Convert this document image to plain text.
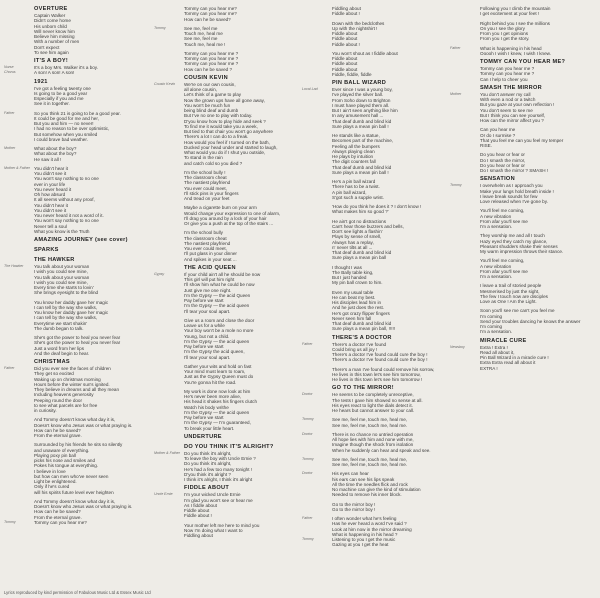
OVERTURE
Captain Walker
Didn't come home
His unborn child
Will never know him
Believe him missing
With a number of men
Don't expect
To see him again
IT'S A BOY!
Nurse	It's a boy Mrs. Walker it's a boy.
Chorus	A son! A son! A son!
1921
I've got a feeling twenty one
Is going to be a good year
Especially if you and me
See it in together.
Father	So you think 21 is going to be a good year.
It could be good for me and her,
But you and him — no never!
I had no reason to be over optimistic,
But somehow when you smiled
I could brave bad weather.
Mother	What about the boy?
What about the boy?
He saw it all !
Mother & Father You didn't hear it
You didn't see it
You won't say nothing to no one
ever in your life
You never heard it
Oh how absurd
It all seems without any proof,
You didn't hear it
You didn't see it
You never heard it not a word of it.
You won't say nothing to no one
Never tell a soul
What you know is the Truth
AMAZING JOURNEY (see cover)
SPARKS
THE HAWKER
The Hawker	You talk about your woman
I wish you could see mine,
You talk about your woman
I wish you could see mine,
Every time she starts to lovin'
She brings eyesight to the blind
You know her daddy gave her magic
I can tell by the way she walks,
You know her daddy gave her magic
I can tell by the way she walks,
Everytime we start shakin'
The dumb began to talk.
She's got the power to heal you never fear
She's got the power to heal you never fear
Just a word from her lips
And the deaf begin to hear.
CHRISTMAS
Father	Did you ever see the faces of children
They get so excited
Waking up on christmas morning
Hours before the winter sun's ignited.
They believe in dreams and all they mean
Including heavens generosity
Peeping round the door
to see what parcels are for free
in curiosity.
And Tommy doesn't know what day it is,
Doesn't know who Jesus was or what praying is.
How can he be saved?
From the eternal grave.
Surrounded by his friends he sits so silently
and unaware of everything.
Playing poxy pin ball
picks his nose and smiles and
Pokes his tongue at everything.
I believe in love
but how can men who've never seen
Light be enlightened.
Only if he's cured
will his spirits future level ever heighten
And Tommy doesn't know what day it is,
Doesn't know who Jesus was or what praying is.
How can he be saved?
From the eternal grave.
Tommy	Tommy can you hear me?
Tommy can you hear me?
Tommy can you hear me?
How can he be saved?
Tommy	See me, feel me
Touch me, heal me
See me, feel me
Touch me, heal me !
Tommy can you hear me ?
Tommy can you hear me ?
Tommy can you hear me ?
How can he be saved ?
COUSIN KEVIN
Cousin Kevin	We're on our own cousin,
all alone cousin,
Let's think of a game to play
Now the grown ups have all gone away,
You won't be much fun
being blind deaf and dumb
But I've no one to play with today.
D'you know how to play hide and seek ?
To find me it would take you a week,
But tied to that chair you won't go anywhere
There's a lot I can do to a freak.
How would you feel if I turned on the bath,
Ducked your head under and started to laugh,
What would you do if I shut you outside,
To stand in the rain
and catch cold so you died ?
I'm the school bully !
The classroom cheat
The nastiest playfriend
You ever could meet,
I'll stick pins in your fingers
And tread on your feet
Maybe a cigarette burn on your arm
Would change your expression to one of alarm,
I'll drag you around by a lock of your hair
Or give you a push at the top of the stairs ...
I'm the school bully
The classroom cheat
The nastiest playfriend
You ever could meet,
I'll put glass in your dinner
And spikes in your seat ...
THE ACID QUEEN
Gypsy	If your child ain't all he should be now
This girl will put him right
I'll show him what he could be now
Just give me one night.
I'm the Gypsy — the acid Queen
Pay before we start
I'm the Gypsy — the acid queen
I'll tear your soul apart.
Give us a room and close the door
Leave us for a while
Your boy won't be a mole no more
Young, but not a child.
I'm the Gypsy — the acid queen
Pay before we start
I'm the Gypsy the acid queen,
I'll tear your soul apart.
Gather your wits and hold on fast
Your mind must learn to roam,
Just as the Gypsy Queen must do
You're gonna hit the road.
My work is done now look at him
He's never been more alive,
His head it shakes his fingers clutch
Watch his body writhe
I'm the Gypsy — the acid queen
Pay before we start
I'm the Gypsy — I'm guaranteed,
To break your little heart.
UNDERTURE
DO YOU THINK IT'S ALRIGHT?
Mother & Father Do you think it's alright,
To leave the boy with Uncle Ernie ?
Do you think it's alright,
He's had a few too many tonight !
D'you think it's alright ?
I think it's alright, I think it's alright
FIDDLE ABOUT
Uncle Ernie	I'm your wicked Uncle Ernie
I'm glad you won't see or hear me
As I fiddle about
Fiddle about
Fiddle about !
Your mother left me here to mind you
Now I'm doing what I want to
Fiddling about
Fiddling about
Fiddle about !
Down with the bedclothes
Up with the nightshirt !
Fiddle about
Fiddle about
Fiddle about !
You won't shout as I fiddle about
Fiddle about
Fiddle about
Fiddle about
Fiddle, fiddle, fiddle
PIN BALL WIZARD
Local Lad	Ever since I was a young boy,
I've played the silver ball.
From Soho down to Brighton
I must have played them all.
But I ain't seen anything like him
In any amusement hall ...
That deaf dumb and blind kid
Sure plays a mean pin ball !
He stands like a statue,
Becomes part of the machine,
Feeling all the bumpers
Always playing clean
He plays by intuition
The digit counters fall
That deaf dumb and blind kid
Sure plays a mean pin ball !
He's a pin ball wizard
There has to be a twist.
A pin ball wizard,
S'got such a supple wrist.
'How do you think he does it ? I don't know !
What makes him so good ?'
He ain't got no distractions
Can't hear those buzzers and bells,
Don't see lights a flashin'
Plays by sense of smell,
Always has a replay,
n' never tilts at all ...
That deaf dumb and blind kid
Sure plays a mean pin ball
I thought I was
The Bally table king,
But I just handed
My pin ball crown to him.
Even my usual table
He can beat my best.
His disciples lead him in
And he just does the rest.
He's got crazy flipper fingers
Never seen him fall
That deaf dumb and blind kid
Sure plays a mean pin ball, !!!!!
THERE'S A DOCTOR
Father	There's a doctor I've found
Could bring us all joy !
There's a doctor I've found could cure the boy !
There's a doctor I've found could cure the boy !
There's a man I've found could remove his sorrow,
He lives in this town let's see him tomorrow,
He lives in this town let's see him tomorrow !
GO TO THE MIRROR!
Doctor	He seems to be completely unreceptive,
The tests I gave him showed no sense at all.
His eyes react to light the dials detect it.
He hears but cannot answer to your call.
Tommy	See me, feel me, touch me, heal me,
See me, feel me, touch me, heal me.
Doctor	There is no chance no untried operation
All hope lies with him and none with me,
Imagine though the shock from isolation
When he suddenly can hear and speak and see.
Tommy	See me, feel me, touch me, heal me,
See me, feel me, touch me, heal me.
Doctor	His eyes can hear
his ears can see his lips speak
All the time the needles flick and rock
No machine can give the kind of stimulation
Needed to remove his inner block.
Go to the mirror boy !
Go to the mirror boy !
Father	I often wonder what he's feeling
Has he ever heard a word I've said ?
Look at him now in the mirror dreaming
What is happening in his head ?
Tommy	Listening to you I get the music
Gazing at you I get the heat
Following you I climb the mountain
I get excitement at your feet !
Right behind you I see the millions
On you I see the glory
From you I get opinions
From you I get the story.
Father	What is happening in his head
Ooooh I wish I knew, I wish I knew.
TOMMY CAN YOU HEAR ME?
Tommy can you hear me ?
Tommy can you hear me ?
Can I help to cheer you
SMASH THE MIRROR
Mother	You don't answer my call
With even a nod or a twitch
But you gaze at your own reflection !
You don't seem to see me
But I think you can see yourself,
How can the mirror affect you ?
Can you hear me
Or do I surmise ?
That you feel me can you feel my temper
RISE.
Do you hear or fear or
Do I smash the mirror,
Do you hear or fear or
Do I smash the mirror ? SMASH !
SENSATION
Tommy	I overwhelm as I approach you
Make your lungs hold breath inside !
I leave break sounds for few
Love released when I've gone by.
You'll feel me coming,
A new vibration
From afar you'll see me
I'm a sensation.
They worship me and all I touch
Hazy eyed they catch my glance,
Pleasant shudders shake their senses
My warm impression throws their stance.
You'll feel me coming,
A new vibration
From afar you'll see me
I'm a sensation.
I leave a trail of storied people
Mesmerised by just the sight,
The few I touch now are disciples
Love as One ! Am the Light.
Soon you'll see me can't you feel me
I'm coming
Send your troubles dancing he knows the answer
I'm coming
I'm a sensation.
MIRACLE CURE
Newsboy	Extra ! Extra !
Read all about it,
Pin Ball Wizard in a miracle cure !
Extra Extra read all about it
EXTRA !
Lyrics reproduced by kind permission of Fabulous Music Ltd & Essex Music Ltd
